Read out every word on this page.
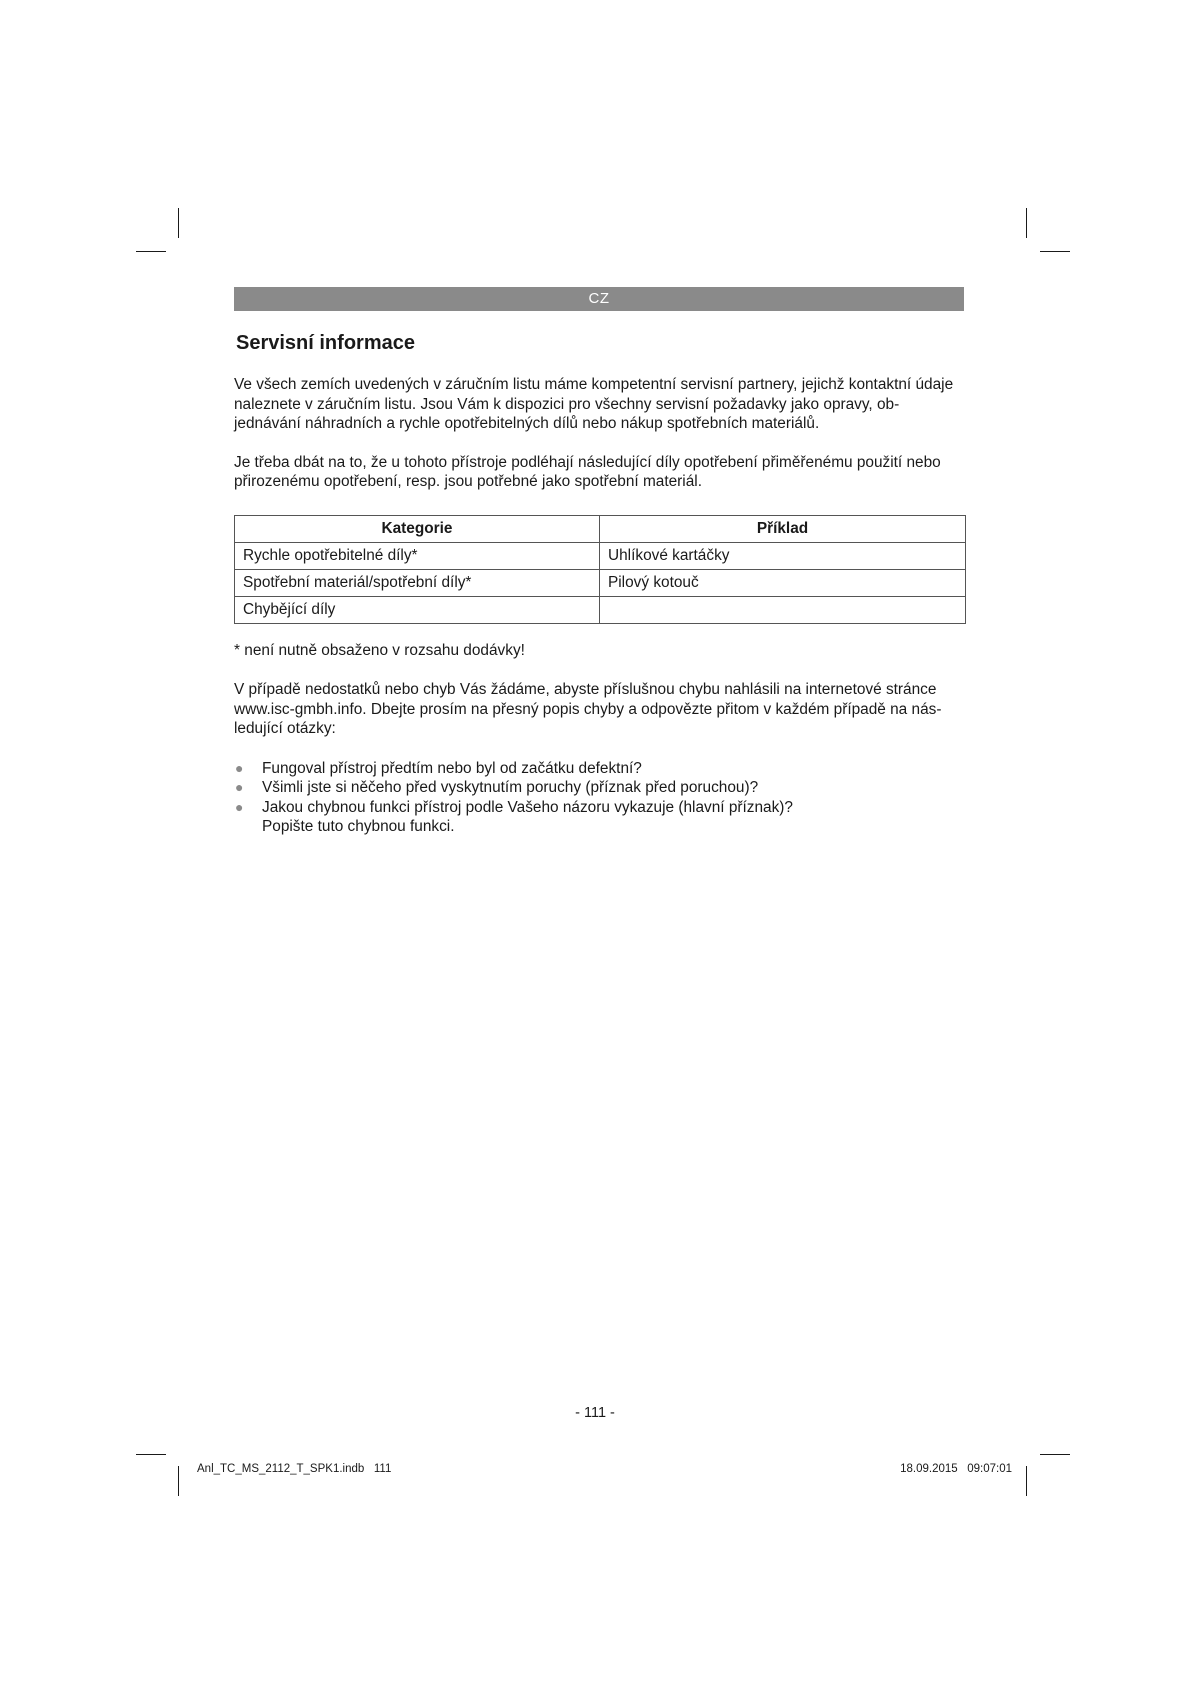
CZ
Servisní informace

Ve všech zemích uvedených v záručním listu máme kompetentní servisní partnery, jejichž kontaktní údaje naleznete v záručním listu. Jsou Vám k dispozici pro všechny servisní požadavky jako opravy, ob-jednávání náhradních a rychle opotřebitelných dílů nebo nákup spotřebních materiálů.

Je třeba dbát na to, že u tohoto přístroje podléhají následující díly opotřebení přiměřenému použití nebo přirozenému opotřebení, resp. jsou potřebné jako spotřební materiál.

Kategorie	Příklad
Rychle opotřebitelné díly*	Uhlíkové kartáčky
Spotřební materiál/spotřební díly*	Pilový kotouč
Chybějící díly	

* není nutně obsaženo v rozsahu dodávky!

V případě nedostatků nebo chyb Vás žádáme, abyste příslušnou chybu nahlásili na internetové stránce www.isc-gmbh.info. Dbejte prosím na přesný popis chyby a odpovězte přitom v každém případě na nás-ledující otázky:

● Fungoval přístroj předtím nebo byl od začátku defektní?
● Všimli jste si něčeho před vyskytnutím poruchy (příznak před poruchou)?
● Jakou chybnou funkci přístroj podle Vašeho názoru vykazuje (hlavní příznak)?
Popište tuto chybnou funkci.
- 111 -
Anl_TC_MS_2112_T_SPK1.indb   111	18.09.2015   09:07:01
